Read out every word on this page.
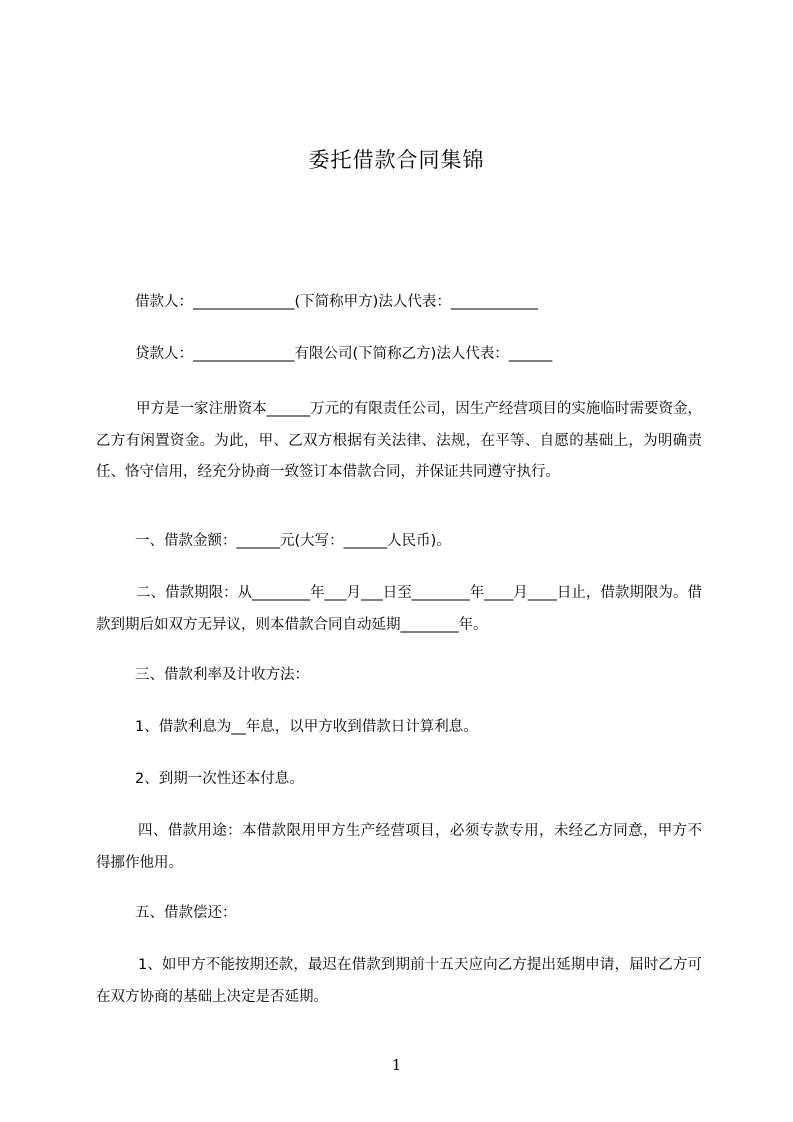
委托借款合同集锦
借款人：______________(下简称甲方)法人代表：____________
贷款人：______________有限公司(下简称乙方)法人代表：______
甲方是一家注册资本______万元的有限责任公司，因生产经营项目的实施临时需要资金，乙方有闲置资金。为此，甲、乙双方根据有关法律、法规，在平等、自愿的基础上，为明确责任、恪守信用，经充分协商一致签订本借款合同，并保证共同遵守执行。
一、借款金额：______元(大写：______人民币)。
二、借款期限：从________年___月___日至________年____月____日止，借款期限为。借款到期后如双方无异议，则本借款合同自动延期________年。
三、借款利率及计收方法：
1、借款利息为__年息，以甲方收到借款日计算利息。
2、到期一次性还本付息。
四、借款用途：本借款限用甲方生产经营项目，必须专款专用，未经乙方同意，甲方不得挪作他用。
五、借款偿还：
1、如甲方不能按期还款，最迟在借款到期前十五天应向乙方提出延期申请，届时乙方可在双方协商的基础上决定是否延期。
1
